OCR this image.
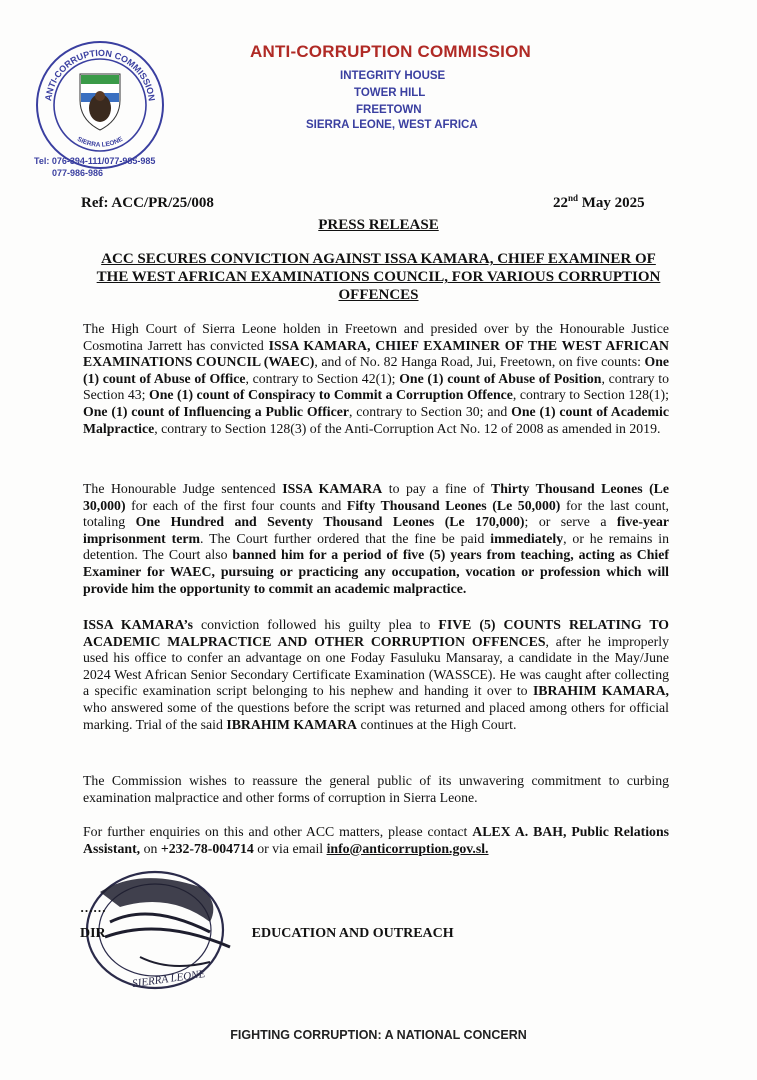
ANTI-CORRUPTION COMMISSION
SIERRA LEONE
ANTI-CORRUPTION COMMISSION
INTEGRITY HOUSE
TOWER HILL
FREETOWN
SIERRA LEONE, WEST AFRICA
Tel: 076-394-111/077-985-985
077-986-986
Ref: ACC/PR/25/008	22nd May 2025
PRESS RELEASE
ACC SECURES CONVICTION AGAINST ISSA KAMARA, CHIEF EXAMINER OF
THE WEST AFRICAN EXAMINATIONS COUNCIL, FOR VARIOUS CORRUPTION
OFFENCES
The High Court of Sierra Leone holden in Freetown and presided over by the Honourable Justice Cosmotina Jarrett has convicted ISSA KAMARA, CHIEF EXAMINER OF THE WEST AFRICAN EXAMINATIONS COUNCIL (WAEC), and of No. 82 Hanga Road, Jui, Freetown, on five counts: One (1) count of Abuse of Office, contrary to Section 42(1); One (1) count of Abuse of Position, contrary to Section 43; One (1) count of Conspiracy to Commit a Corruption Offence, contrary to Section 128(1); One (1) count of Influencing a Public Officer, contrary to Section 30; and One (1) count of Academic Malpractice, contrary to Section 128(3) of the Anti-Corruption Act No. 12 of 2008 as amended in 2019.
The Honourable Judge sentenced ISSA KAMARA to pay a fine of Thirty Thousand Leones (Le 30,000) for each of the first four counts and Fifty Thousand Leones (Le 50,000) for the last count, totaling One Hundred and Seventy Thousand Leones (Le 170,000); or serve a five-year imprisonment term. The Court further ordered that the fine be paid immediately, or he remains in detention. The Court also banned him for a period of five (5) years from teaching, acting as Chief Examiner for WAEC, pursuing or practicing any occupation, vocation or profession which will provide him the opportunity to commit an academic malpractice.
ISSA KAMARA’s conviction followed his guilty plea to FIVE (5) COUNTS RELATING TO ACADEMIC MALPRACTICE AND OTHER CORRUPTION OFFENCES, after he improperly used his office to confer an advantage on one Foday Fasuluku Mansaray, a candidate in the May/June 2024 West African Senior Secondary Certificate Examination (WASSCE). He was caught after collecting a specific examination script belonging to his nephew and handing it over to IBRAHIM KAMARA, who answered some of the questions before the script was returned and placed among others for official marking. Trial of the said IBRAHIM KAMARA continues at the High Court.
The Commission wishes to reassure the general public of its unwavering commitment to curbing examination malpractice and other forms of corruption in Sierra Leone.
For further enquiries on this and other ACC matters, please contact ALEX A. BAH, Public Relations Assistant, on +232-78-004714 or via email info@anticorruption.gov.sl.
SIERRA LEONE
……
DIR	EDUCATION AND OUTREACH
FIGHTING CORRUPTION: A NATIONAL CONCERN
